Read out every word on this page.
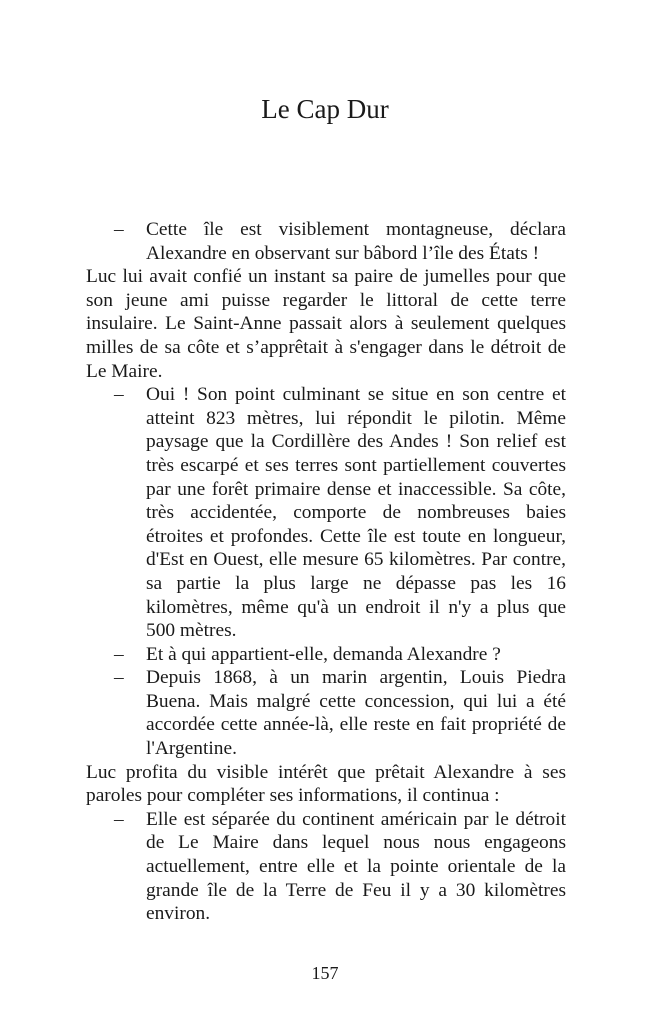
Le Cap Dur

– Cette île est visiblement montagneuse, déclara Alexandre en observant sur bâbord l’île des États !

Luc lui avait confié un instant sa paire de jumelles pour que son jeune ami puisse regarder le littoral de cette terre insulaire. Le Saint-Anne passait alors à seulement quelques milles de sa côte et s’apprêtait à s'engager dans le détroit de Le Maire.

– Oui ! Son point culminant se situe en son centre et atteint 823 mètres, lui répondit le pilotin. Même paysage que la Cordillère des Andes ! Son relief est très escarpé et ses terres sont partiellement couvertes par une forêt primaire dense et inaccessible. Sa côte, très accidentée, comporte de nombreuses baies étroites et profondes. Cette île est toute en longueur, d'Est en Ouest, elle mesure 65 kilomètres. Par contre, sa partie la plus large ne dépasse pas les 16 kilomètres, même qu'à un endroit il n'y a plus que 500 mètres.

– Et à qui appartient-elle, demanda Alexandre ?

– Depuis 1868, à un marin argentin, Louis Piedra Buena. Mais malgré cette concession, qui lui a été accordée cette année-là, elle reste en fait propriété de l'Argentine.

Luc profita du visible intérêt que prêtait Alexandre à ses paroles pour compléter ses informations, il continua :

– Elle est séparée du continent américain par le détroit de Le Maire dans lequel nous nous engageons actuellement, entre elle et la pointe orientale de la grande île de la Terre de Feu il y a 30 kilomètres environ.

157
